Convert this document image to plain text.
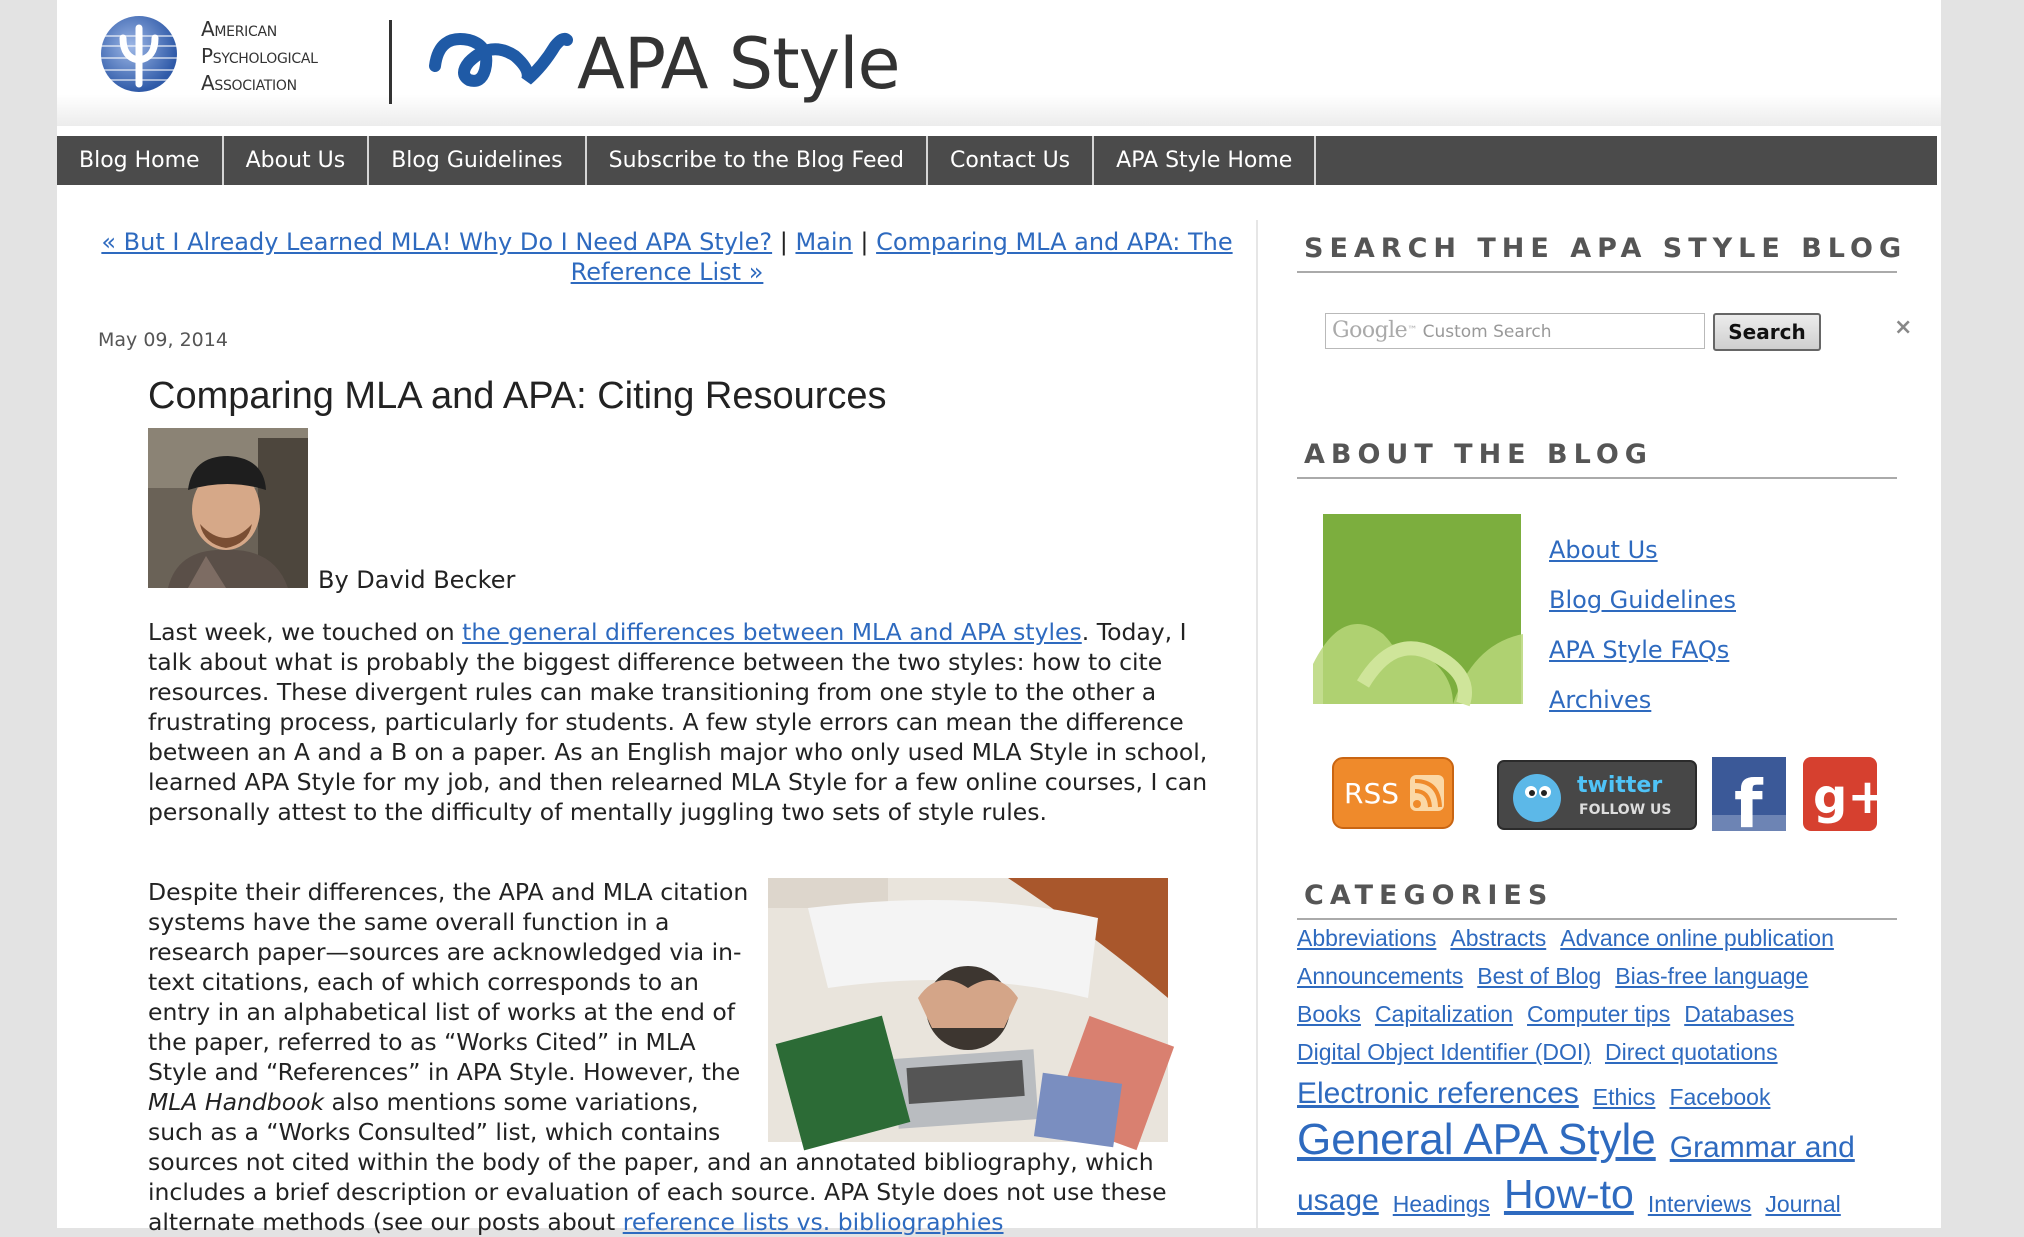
American
Psychological
Association	APA Style
Blog Home	About Us	Blog Guidelines	Subscribe to the Blog Feed	Contact Us	APA Style Home
« But I Already Learned MLA! Why Do I Need APA Style? | Main | Comparing MLA and APA: The Reference List »
May 09, 2014
Comparing MLA and APA: Citing Resources
By David Becker
Last week, we touched on the general differences between MLA and APA styles. Today, I talk about what is probably the biggest difference between the two styles: how to cite resources. These divergent rules can make transitioning from one style to the other a frustrating process, particularly for students. A few style errors can mean the difference between an A and a B on a paper. As an English major who only used MLA Style in school, learned APA Style for my job, and then relearned MLA Style for a few online courses, I can personally attest to the difficulty of mentally juggling two sets of style rules.
Despite their differences, the APA and MLA citation systems have the same overall function in a research paper—sources are acknowledged via in-text citations, each of which corresponds to an entry in an alphabetical list of works at the end of the paper, referred to as “Works Cited” in MLA Style and “References” in APA Style. However, the MLA Handbook also mentions some variations, such as a “Works Consulted” list, which contains
sources not cited within the body of the paper, and an annotated bibliography, which includes a brief description or evaluation of each source. APA Style does not use these alternate methods (see our posts about reference lists vs. bibliographies
SEARCH THE APA STYLE BLOG
Google™ Custom Search	Search	×
ABOUT THE BLOG
About Us
Blog Guidelines
APA Style FAQs
Archives
RSS	twitter
FOLLOW US f g+
CATEGORIES
Abbreviations Abstracts Advance online publication
Announcements Best of Blog Bias-free language
Books Capitalization Computer tips Databases
Digital Object Identifier (DOI) Direct quotations
Electronic references Ethics Facebook
General APA Style Grammar and
usage Headings How-to Interviews Journal
